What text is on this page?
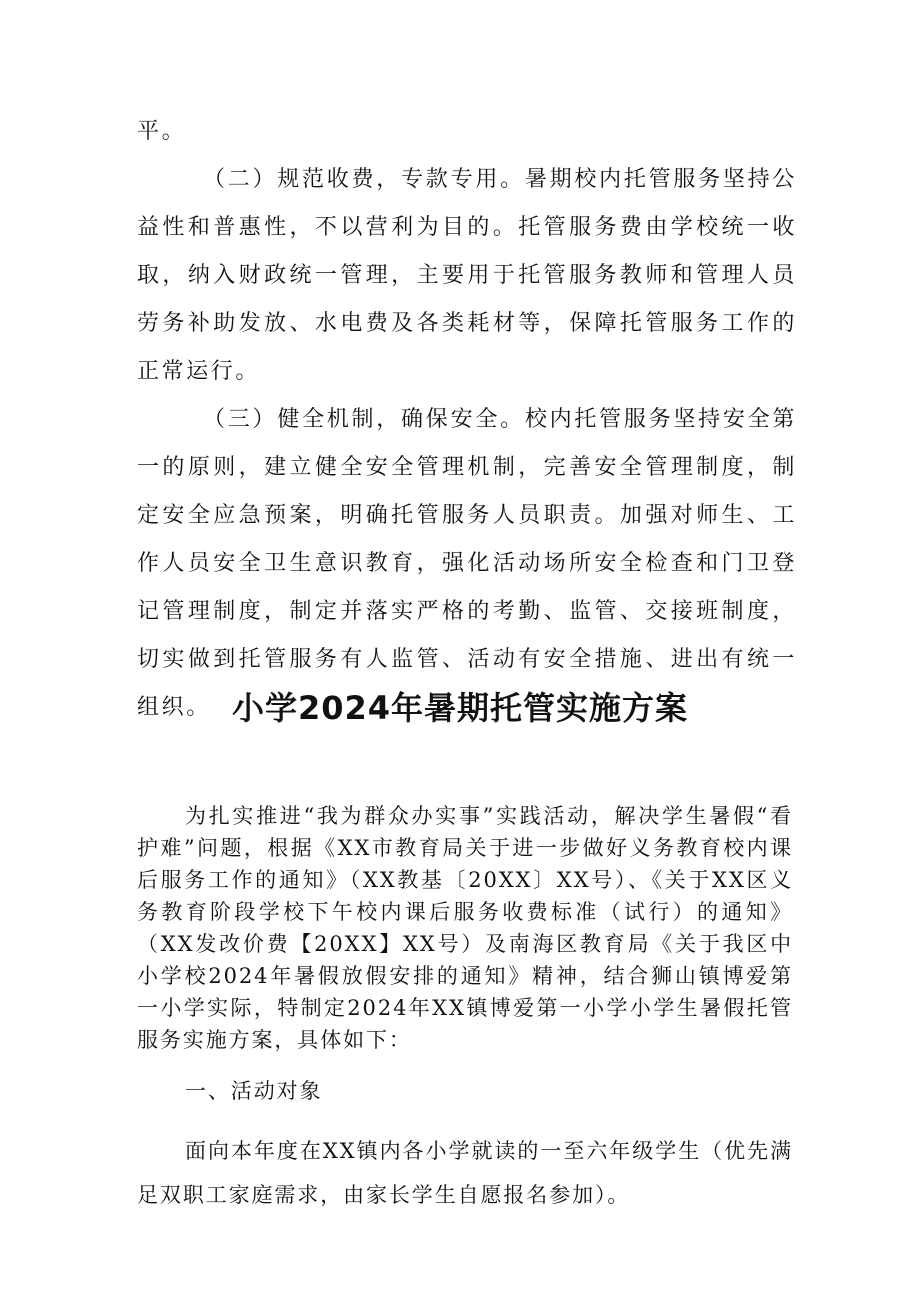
平。

（二）规范收费，专款专用。暑期校内托管服务坚持公益性和普惠性，不以营利为目的。托管服务费由学校统一收取，纳入财政统一管理，主要用于托管服务教师和管理人员劳务补助发放、水电费及各类耗材等，保障托管服务工作的正常运行。

（三）健全机制，确保安全。校内托管服务坚持安全第一的原则，建立健全安全管理机制，完善安全管理制度，制定安全应急预案，明确托管服务人员职责。加强对师生、工作人员安全卫生意识教育，强化活动场所安全检查和门卫登记管理制度，制定并落实严格的考勤、监管、交接班制度，切实做到托管服务有人监管、活动有安全措施、进出有统一组织。 小学2024年暑期托管实施方案

为扎实推进“我为群众办实事”实践活动，解决学生暑假“看护难”问题，根据《XX市教育局关于进一步做好义务教育校内课后服务工作的通知》（XX教基〔20XX〕XX号）、《关于XX区义务教育阶段学校下午校内课后服务收费标准（试行）的通知》（XX发改价费【20XX】XX号）及南海区教育局《关于我区中小学校2024年暑假放假安排的通知》精神，结合狮山镇博爱第一小学实际，特制定2024年XX镇博爱第一小学小学生暑假托管服务实施方案，具体如下：

一、活动对象

面向本年度在XX镇内各小学就读的一至六年级学生（优先满足双职工家庭需求，由家长学生自愿报名参加）。
